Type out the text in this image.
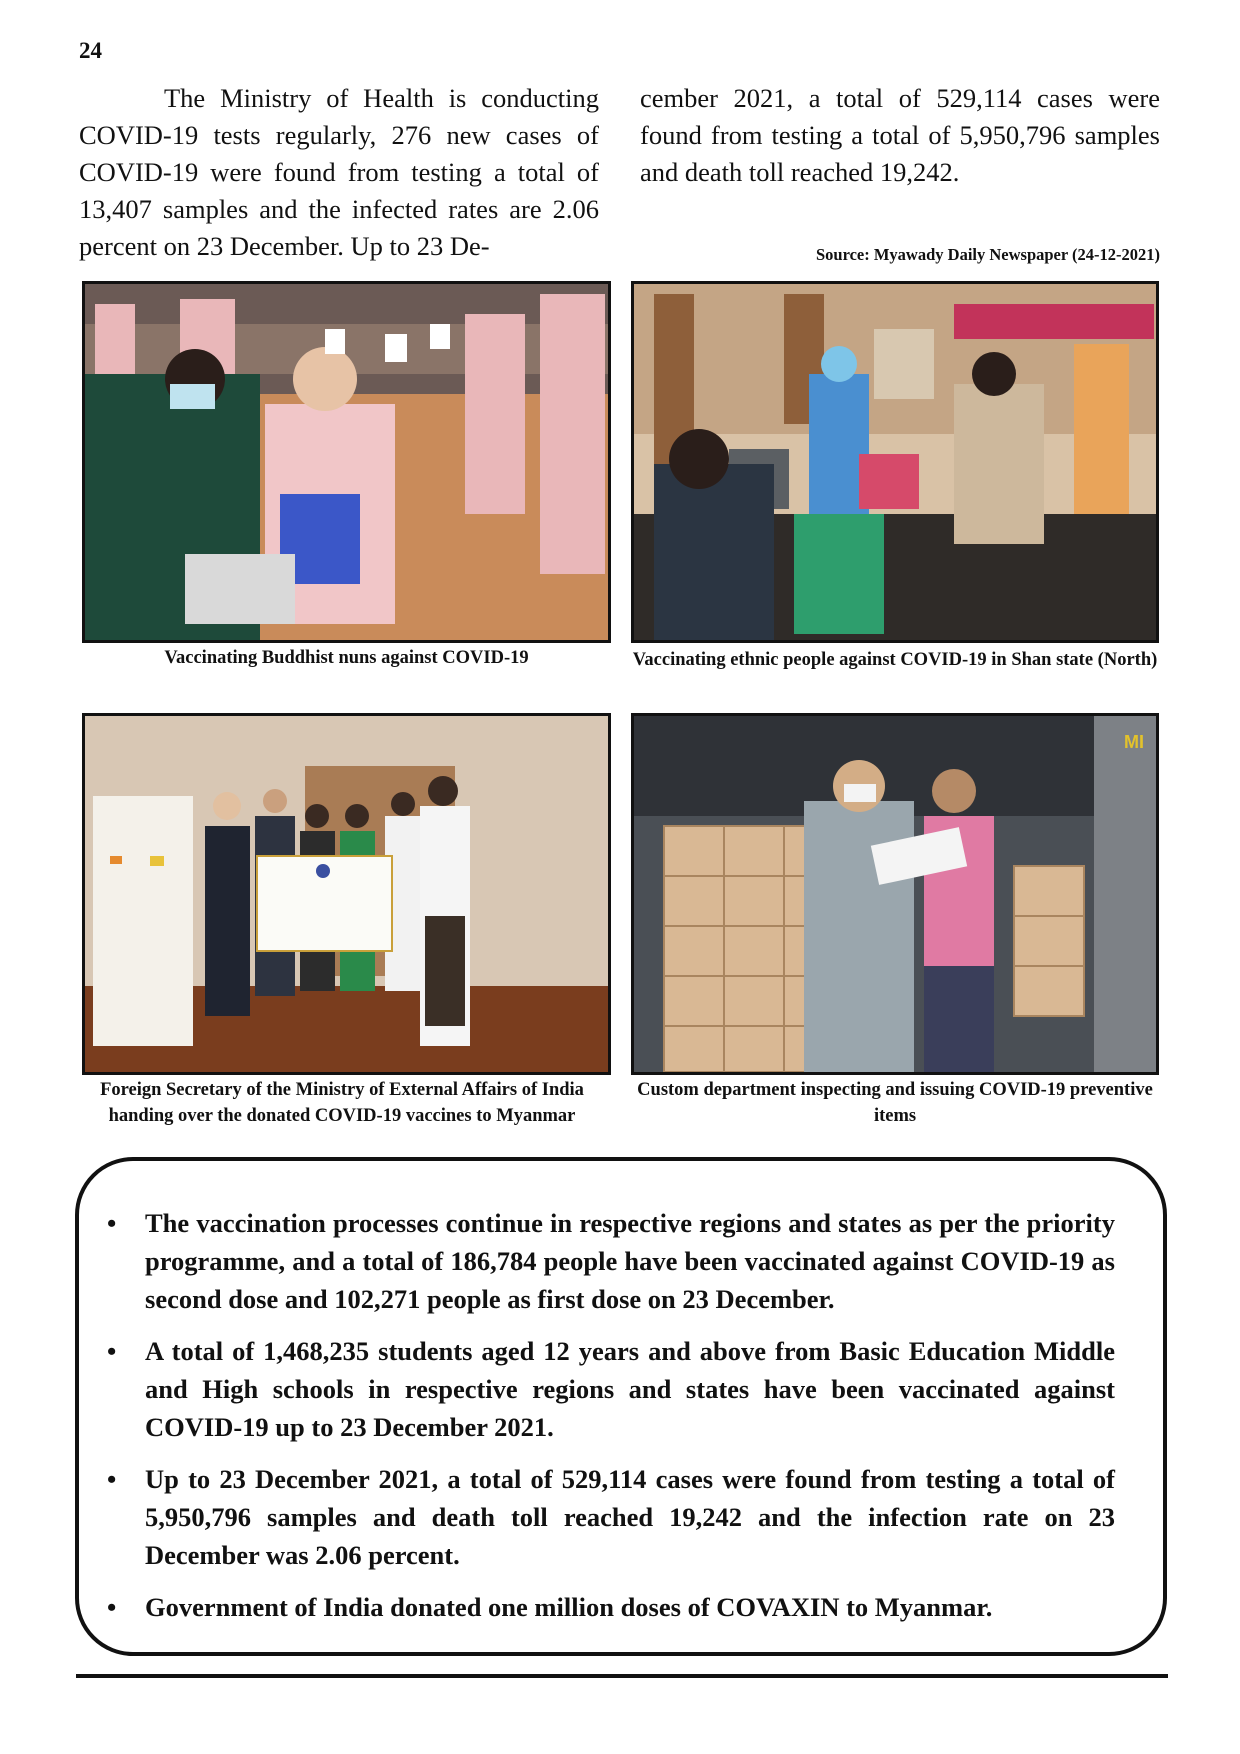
24

The Ministry of Health is conducting COVID-19 tests regularly, 276 new cases of COVID-19 were found from testing a total of 13,407 samples and the infected rates are 2.06 percent on 23 December. Up to 23 De-

cember 2021, a total of 529,114 cases were found from testing a total of 5,950,796 samples and death toll reached 19,242.

Source: Myawady Daily Newspaper (24-12-2021)
Vaccinating Buddhist nuns against COVID-19	Vaccinating ethnic people against COVID-19 in Shan state (North)
Foreign Secretary of the Ministry of External Affairs of India handing over the donated COVID-19 vaccines to Myanmar
MI
Custom department inspecting and issuing COVID-19 preventive items
• The vaccination processes continue in respective regions and states as per the priority programme, and a total of 186,784 people have been vaccinated against COVID-19 as second dose and 102,271 people as first dose on 23 December.
• A total of 1,468,235 students aged 12 years and above from Basic Education Middle and High schools in respective regions and states have been vaccinated against COVID-19 up to 23 December 2021.
• Up to 23 December 2021, a total of 529,114 cases were found from testing a total of 5,950,796 samples and death toll reached 19,242 and the infection rate on 23 December was 2.06 percent.
• Government of India donated one million doses of COVAXIN to Myanmar.
